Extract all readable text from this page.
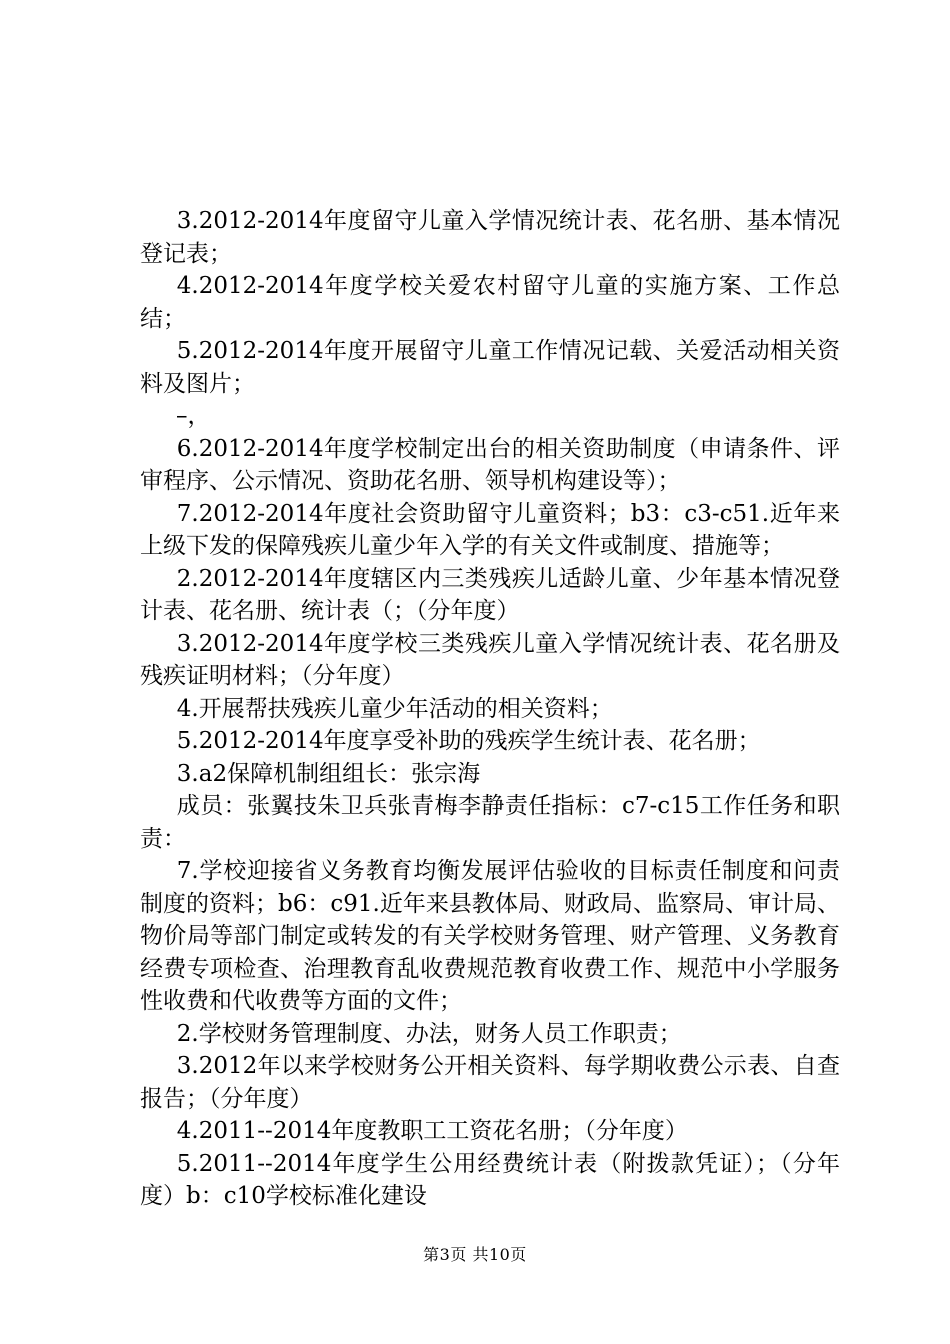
3.2012-2014年度留守儿童入学情况统计表、花名册、基本情况登记表；

4.2012-2014年度学校关爱农村留守儿童的实施方案、工作总结；

5.2012-2014年度开展留守儿童工作情况记载、关爱活动相关资料及图片；

–，

6.2012-2014年度学校制定出台的相关资助制度（申请条件、评审程序、公示情况、资助花名册、领导机构建设等）；

7.2012-2014年度社会资助留守儿童资料；b3：c3-c51.近年来上级下发的保障残疾儿童少年入学的有关文件或制度、措施等；

2.2012-2014年度辖区内三类残疾儿适龄儿童、少年基本情况登计表、花名册、统计表（；（分年度）

3.2012-2014年度学校三类残疾儿童入学情况统计表、花名册及残疾证明材料；（分年度）

4.开展帮扶残疾儿童少年活动的相关资料；

5.2012-2014年度享受补助的残疾学生统计表、花名册；

3.a2保障机制组组长：张宗海

成员：张翼技朱卫兵张青梅李静责任指标：c7-c15工作任务和职责：

7.学校迎接省义务教育均衡发展评估验收的目标责任制度和问责制度的资料；b6：c91.近年来县教体局、财政局、监察局、审计局、物价局等部门制定或转发的有关学校财务管理、财产管理、义务教育经费专项检查、治理教育乱收费规范教育收费工作、规范中小学服务性收费和代收费等方面的文件；

2.学校财务管理制度、办法，财务人员工作职责；

3.2012年以来学校财务公开相关资料、每学期收费公示表、自查报告；（分年度）

4.2011--2014年度教职工工资花名册；（分年度）

5.2011--2014年度学生公用经费统计表（附拨款凭证）；（分年度）b：c10学校标准化建设

第3页 共10页
